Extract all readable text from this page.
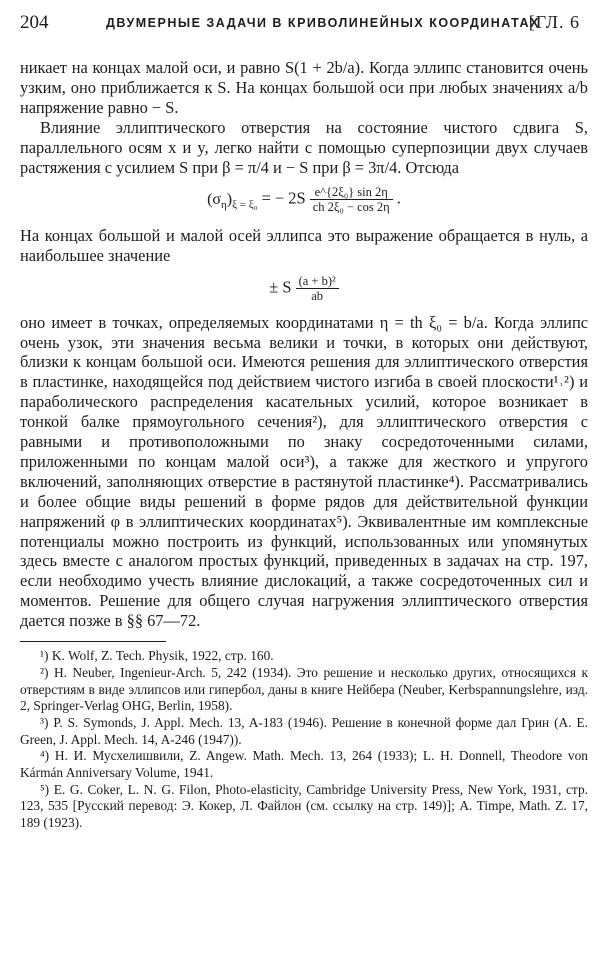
204	ДВУМЕРНЫЕ ЗАДАЧИ В КРИВОЛИНЕЙНЫХ КООРДИНАТАХ
[ГЛ. 6

никает на концах малой оси, и равно S(1 + 2b/a). Когда эллипс становится очень узким, оно приближается к S. На концах большой оси при любых значениях a/b напряжение равно − S.

Влияние эллиптического отверстия на состояние чистого сдвига S, параллельного осям x и y, легко найти с помощью суперпозиции двух случаев растяжения с усилием S при β = π/4 и − S при β = 3π/4. Отсюда

$(\sigma_\eta)_{\xi = \xi_0}$ = − $2S \frac{\text{e\textasciicircum{}\{2ξ₀\} sin 2η}}{\text{ch 2ξ₀ − cos 2η}}$ .

На концах большой и малой осей эллипса это выражение обращается в нуль, а наибольшее значение

± S $\frac{\text{(a + b)²}}{ab}$

оно имеет в точках, определяемых координатами η = th ξ₀ = b/a. Когда эллипс очень узок, эти значения весьма велики и точки, в которых они действуют, близки к концам большой оси. Имеются решения для эллиптического отверстия в пластинке, находящейся под действием чистого изгиба в своей плоскости¹˒²) и параболического распределения касательных усилий, которое возникает в тонкой балке прямоугольного сечения²), для эллиптического отверстия с равными и противоположными по знаку сосредоточенными силами, приложенными по концам малой оси³), а также для жесткого и упругого включений, заполняющих отверстие в растянутой пластинке⁴). Рассматривались и более общие виды решений в форме рядов для действительной функции напряжений φ в эллиптических координатах⁵). Эквивалентные им комплексные потенциалы можно построить из функций, использованных или упомянутых здесь вместе с аналогом простых функций, приведенных в задачах на стр. 197, если необходимо учесть влияние дислокаций, а также сосредоточенных сил и моментов. Решение для общего случая нагружения эллиптического отверстия дается позже в §§ 67—72.

¹) K. Wolf, Z. Tech. Physik, 1922, стр. 160.

²) H. Neuber, Ingenieur-Arch. 5, 242 (1934). Это решение и несколько других, относящихся к отверстиям в виде эллипсов или гипербол, даны в книге Нейбера (Neuber, Kerbspannungslehre, изд. 2, Springer-Verlag OHG, Berlin, 1958).

³) P. S. Symonds, J. Appl. Mech. 13, A-183 (1946). Решение в конечной форме дал Грин (A. E. Green, J. Appl. Mech. 14, A-246 (1947)).

⁴) Н. И. Мусхелишвили, Z. Angew. Math. Mech. 13, 264 (1933); L. H. Donnell, Theodore von Kármán Anniversary Volume, 1941.

⁵) E. G. Coker, L. N. G. Filon, Photo-elasticity, Cambridge University Press, New York, 1931, стр. 123, 535 [Русский перевод: Э. Кокер, Л. Файлон (см. ссылку на стр. 149)]; A. Timpe, Math. Z. 17, 189 (1923).
